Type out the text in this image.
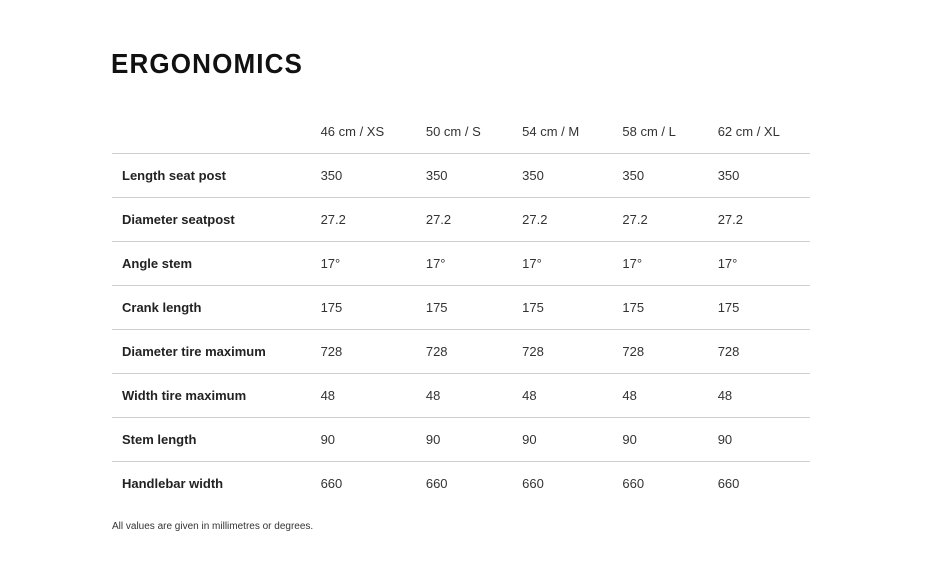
ERGONOMICS
	46 cm / XS	50 cm / S	54 cm / M	58 cm / L	62 cm / XL
Length seat post	350	350	350	350	350
Diameter seatpost	27.2	27.2	27.2	27.2	27.2
Angle stem	17°	17°	17°	17°	17°
Crank length	175	175	175	175	175
Diameter tire maximum	728	728	728	728	728
Width tire maximum	48	48	48	48	48
Stem length	90	90	90	90	90
Handlebar width	660	660	660	660	660

All values are given in millimetres or degrees.
